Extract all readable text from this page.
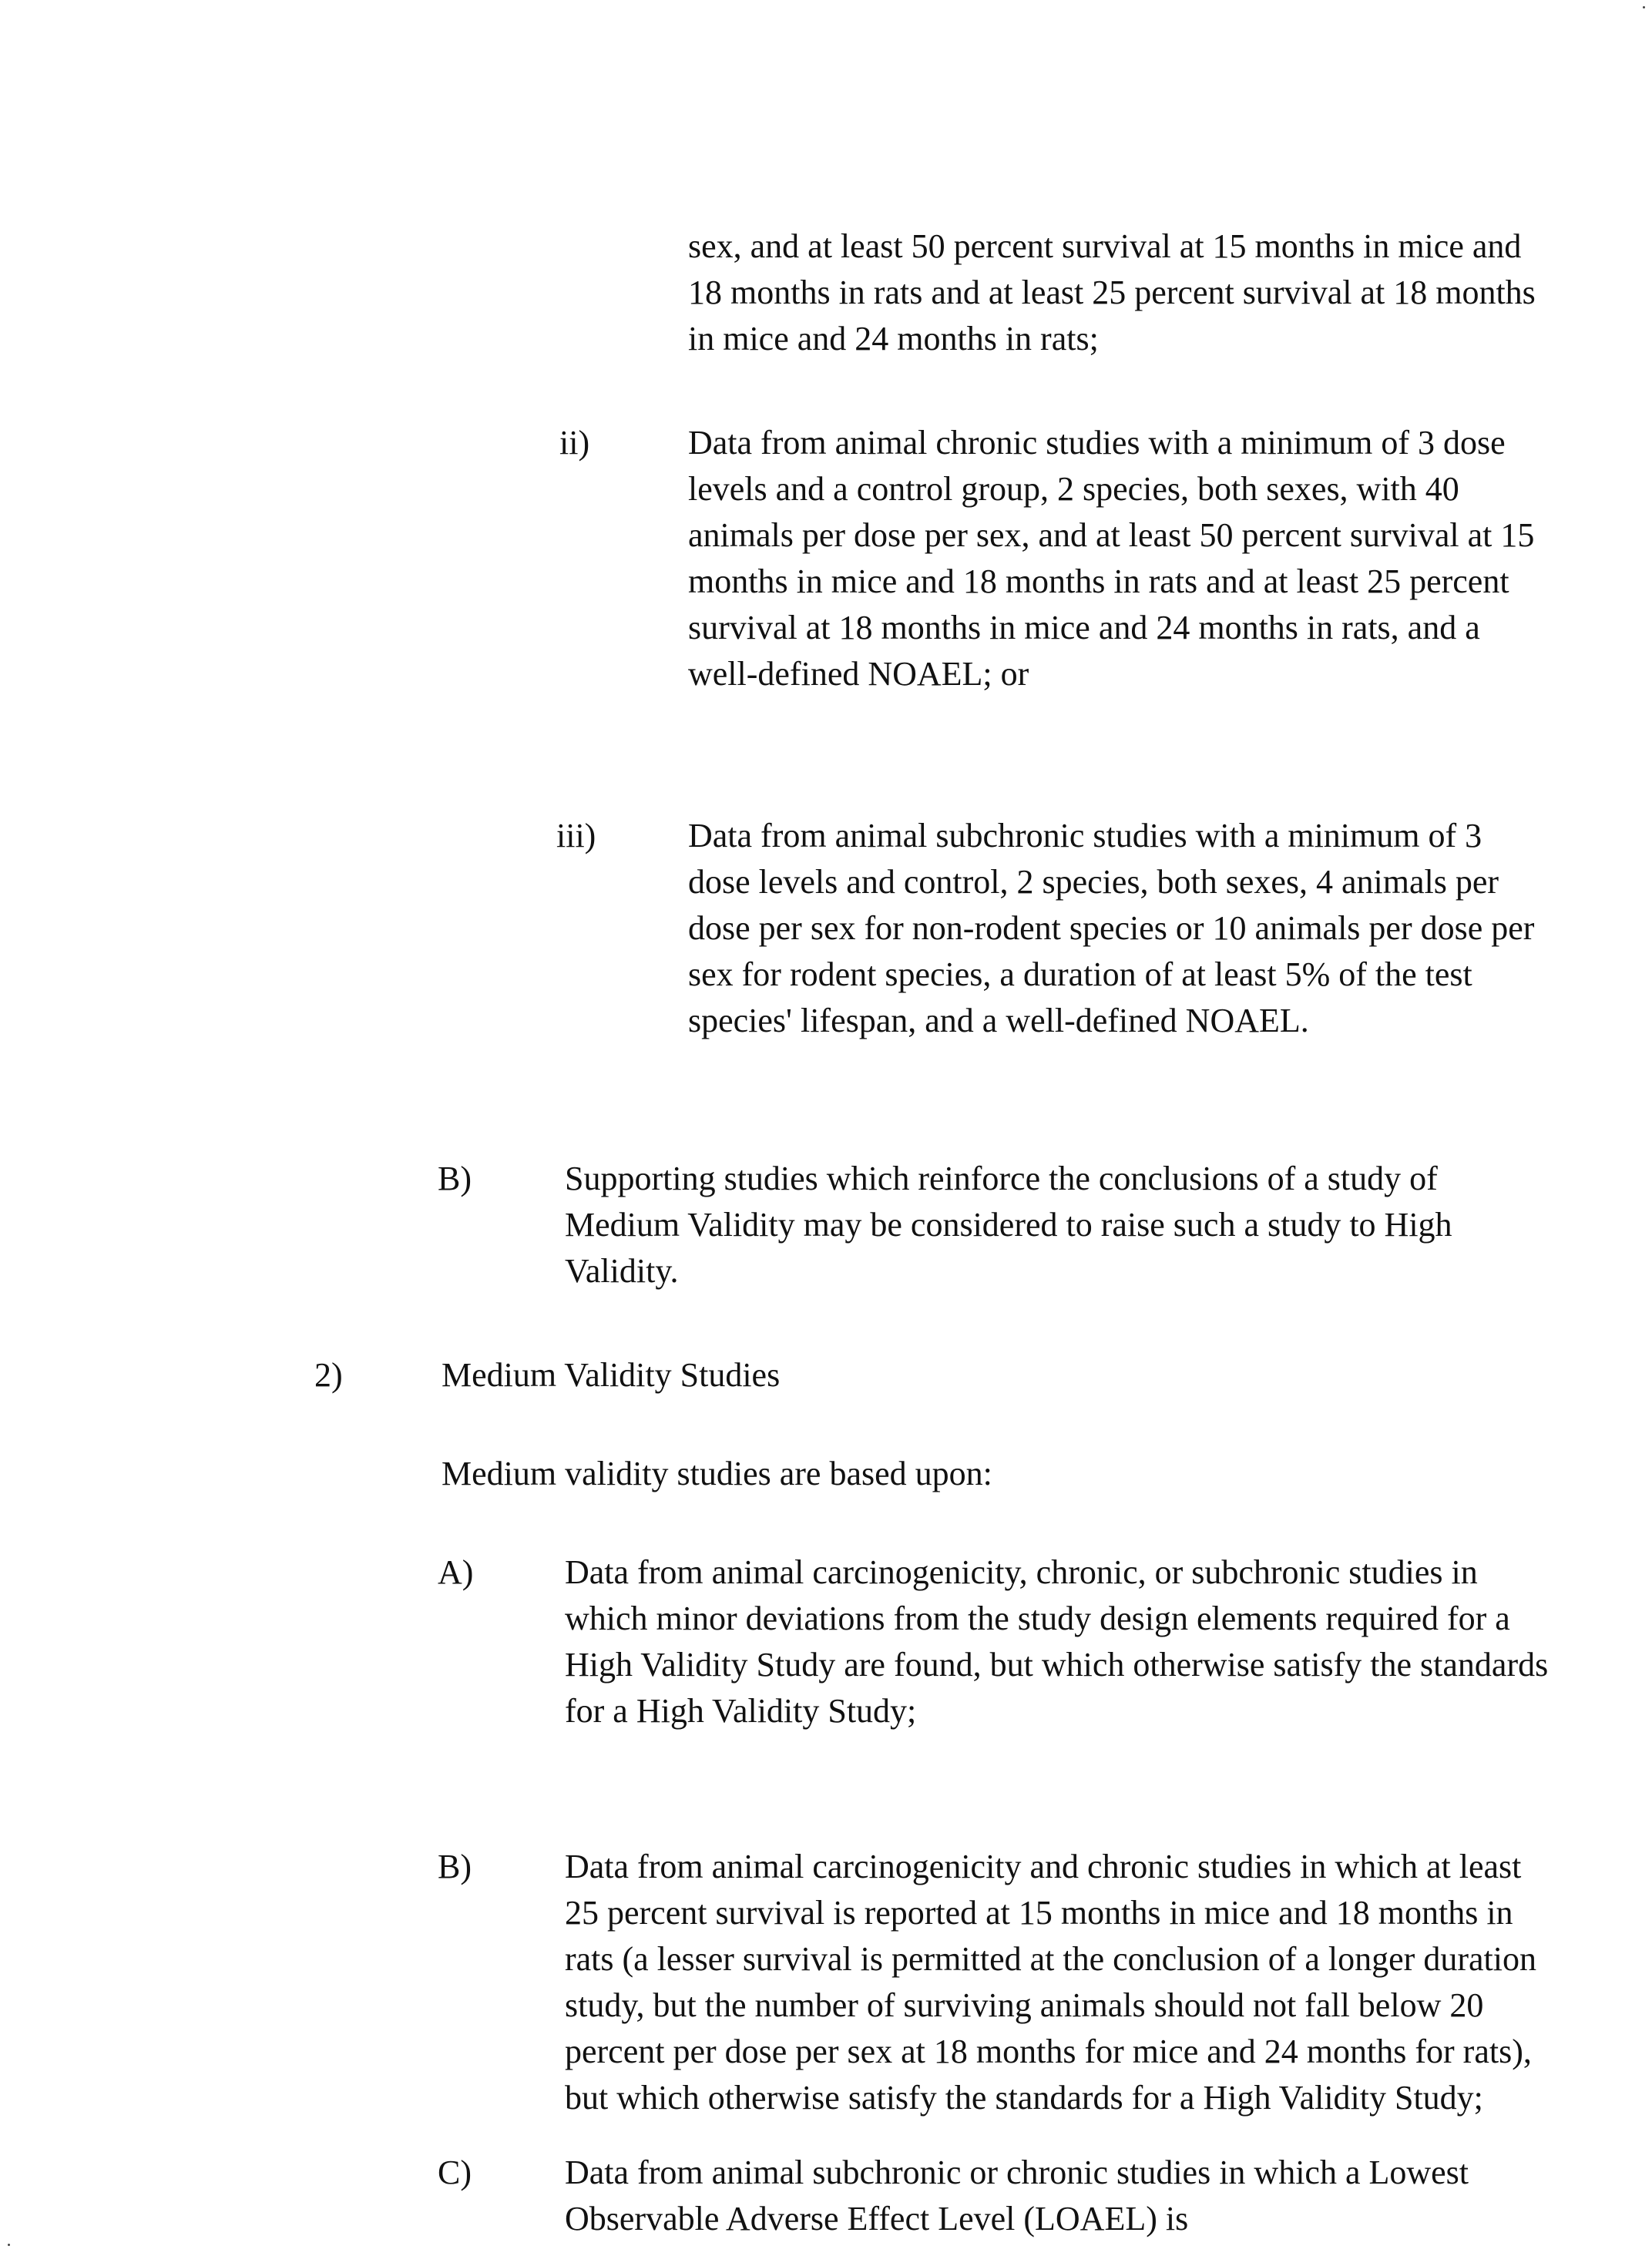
sex, and at least 50 percent survival at 15 months in mice and 18 months in rats and at least 25 percent survival at 18 months in mice and 24 months in rats;

ii)	Data from animal chronic studies with a minimum of 3 dose levels and a control group, 2 species, both sexes, with 40 animals per dose per sex, and at least 50 percent survival at 15 months in mice and 18 months in rats and at least 25 percent survival at 18 months in mice and 24 months in rats, and a well-defined NOAEL; or

iii)	Data from animal subchronic studies with a minimum of 3 dose levels and control, 2 species, both sexes, 4 animals per dose per sex for non-rodent species or 10 animals per dose per sex for rodent species, a duration of at least 5% of the test species' lifespan, and a well-defined NOAEL.

B)	Supporting studies which reinforce the conclusions of a study of Medium Validity may be considered to raise such a study to High Validity.

2)	Medium Validity Studies

Medium validity studies are based upon:

A)	Data from animal carcinogenicity, chronic, or subchronic studies in which minor deviations from the study design elements required for a High Validity Study are found, but which otherwise satisfy the standards for a High Validity Study;

B)	Data from animal carcinogenicity and chronic studies in which at least 25 percent survival is reported at 15 months in mice and 18 months in rats (a lesser survival is permitted at the conclusion of a longer duration study, but the number of surviving animals should not fall below 20 percent per dose per sex at 18 months for mice and 24 months for rats), but which otherwise satisfy the standards for a High Validity Study;

C)	Data from animal subchronic or chronic studies in which a Lowest Observable Adverse Effect Level (LOAEL) is
